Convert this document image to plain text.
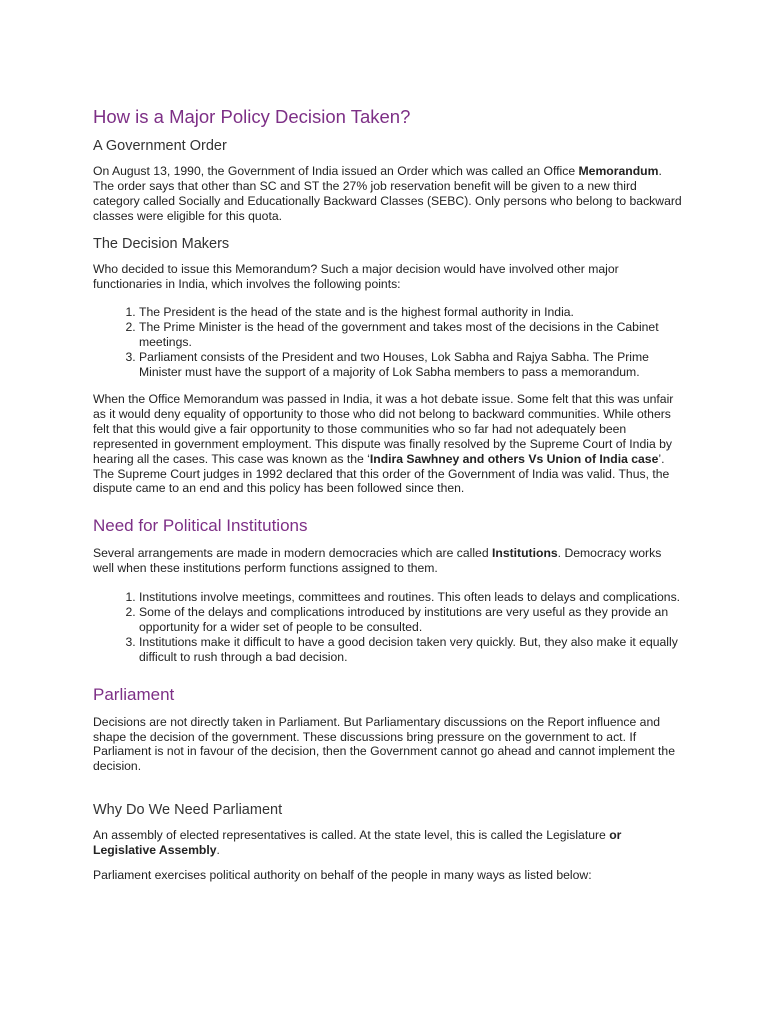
How is a Major Policy Decision Taken?
A Government Order

On August 13, 1990, the Government of India issued an Order which was called an Office Memorandum. The order says that other than SC and ST the 27% job reservation benefit will be given to a new third category called Socially and Educationally Backward Classes (SEBC). Only persons who belong to backward classes were eligible for this quota.

The Decision Makers

Who decided to issue this Memorandum? Such a major decision would have involved other major functionaries in India, which involves the following points:

1. The President is the head of the state and is the highest formal authority in India.
2. The Prime Minister is the head of the government and takes most of the decisions in the Cabinet meetings.
3. Parliament consists of the President and two Houses, Lok Sabha and Rajya Sabha. The Prime Minister must have the support of a majority of Lok Sabha members to pass a memorandum.

When the Office Memorandum was passed in India, it was a hot debate issue. Some felt that this was unfair as it would deny equality of opportunity to those who did not belong to backward communities. While others felt that this would give a fair opportunity to those communities who so far had not adequately been represented in government employment. This dispute was finally resolved by the Supreme Court of India by hearing all the cases. This case was known as the ‘Indira Sawhney and others Vs Union of India case’. The Supreme Court judges in 1992 declared that this order of the Government of India was valid. Thus, the dispute came to an end and this policy has been followed since then.

Need for Political Institutions

Several arrangements are made in modern democracies which are called Institutions. Democracy works well when these institutions perform functions assigned to them.

1. Institutions involve meetings, committees and routines. This often leads to delays and complications.
2. Some of the delays and complications introduced by institutions are very useful as they provide an opportunity for a wider set of people to be consulted.
3. Institutions make it difficult to have a good decision taken very quickly. But, they also make it equally difficult to rush through a bad decision.
Parliament

Decisions are not directly taken in Parliament. But Parliamentary discussions on the Report influence and shape the decision of the government. These discussions bring pressure on the government to act. If Parliament is not in favour of the decision, then the Government cannot go ahead and cannot implement the decision.

Why Do We Need Parliament

An assembly of elected representatives is called. At the state level, this is called the Legislature or Legislative Assembly.

Parliament exercises political authority on behalf of the people in many ways as listed below:
